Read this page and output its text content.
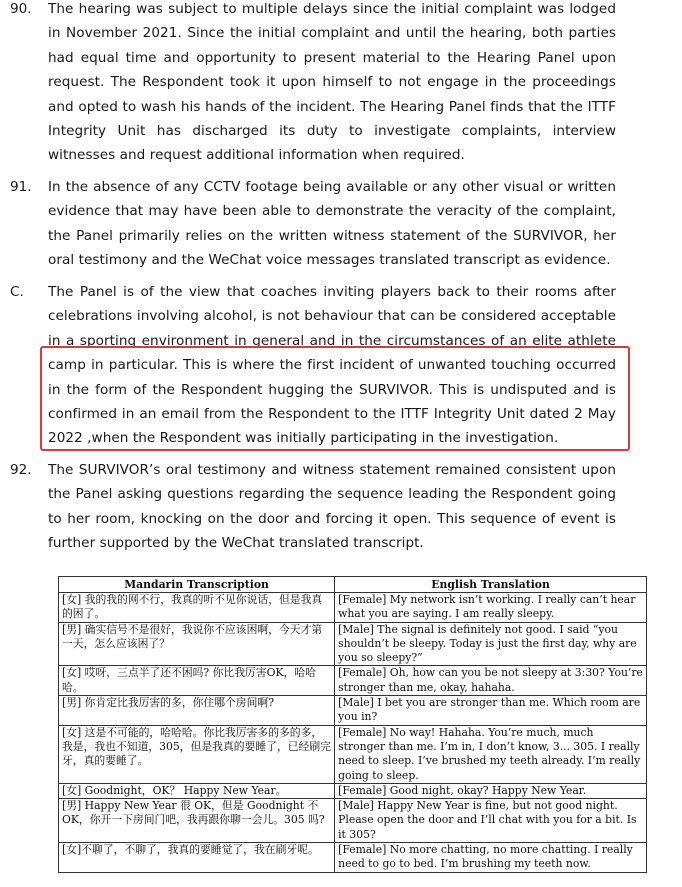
90. The hearing was subject to multiple delays since the initial complaint was lodged in November 2021. Since the initial complaint and until the hearing, both parties had equal time and opportunity to present material to the Hearing Panel upon request. The Respondent took it upon himself to not engage in the proceedings and opted to wash his hands of the incident. The Hearing Panel finds that the ITTF Integrity Unit has discharged its duty to investigate complaints, interview witnesses and request additional information when required.
91. In the absence of any CCTV footage being available or any other visual or written evidence that may have been able to demonstrate the veracity of the complaint, the Panel primarily relies on the written witness statement of the SURVIVOR, her oral testimony and the WeChat voice messages translated transcript as evidence.
C. The Panel is of the view that coaches inviting players back to their rooms after celebrations involving alcohol, is not behaviour that can be considered acceptable in a sporting environment in general and in the circumstances of an elite athlete camp in particular. This is where the first incident of unwanted touching occurred in the form of the Respondent hugging the SURVIVOR. This is undisputed and is confirmed in an email from the Respondent to the ITTF Integrity Unit dated 2 May 2022 ,when the Respondent was initially participating in the investigation.
92. The SURVIVOR’s oral testimony and witness statement remained consistent upon the Panel asking questions regarding the sequence leading the Respondent going to her room, knocking on the door and forcing it open. This sequence of event is further supported by the WeChat translated transcript.
Mandarin Transcription	English Translation
[女] 我的我的网不行，我真的听不见你说话，但是我真的困了。	[Female] My network isn’t working. I really can’t hear what you are saying. I am really sleepy.
[男] 确实信号不是很好，我说你不应该困啊，今天才第一天，怎么应该困了？	[Male] The signal is definitely not good. I said “you shouldn’t be sleepy. Today is just the first day, why are you so sleepy?”
[女] 哎呀，三点半了还不困吗? 你比我厉害OK，哈哈哈。	[Female] Oh, how can you be not sleepy at 3:30? You’re stronger than me, okay, hahaha.
[男] 你肯定比我厉害的多，你住哪个房间啊?	[Male] I bet you are stronger than me. Which room are you in?
[女] 这是不可能的，哈哈哈。你比我厉害多的多的多，我是，我也不知道，305，但是我真的要睡了，已经刷完牙，真的要睡了。	[Female] No way! Hahaha. You’re much, much stronger than me. I’m in, I don’t know, 3... 305. I really need to sleep. I’ve brushed my teeth already. I’m really going to sleep.
[女] Goodnight，OK？ Happy New Year。	[Female] Good night, okay? Happy New Year.
[男] Happy New Year 很 OK，但是 Goodnight 不 OK，你开一下房间门吧，我再跟你聊一会儿。305 吗?	[Male] Happy New Year is fine, but not good night. Please open the door and I’ll chat with you for a bit. Is it 305?
[女]不聊了，不聊了，我真的要睡觉了，我在刷牙呢。	[Female] No more chatting, no more chatting. I really need to go to bed. I’m brushing my teeth now.
